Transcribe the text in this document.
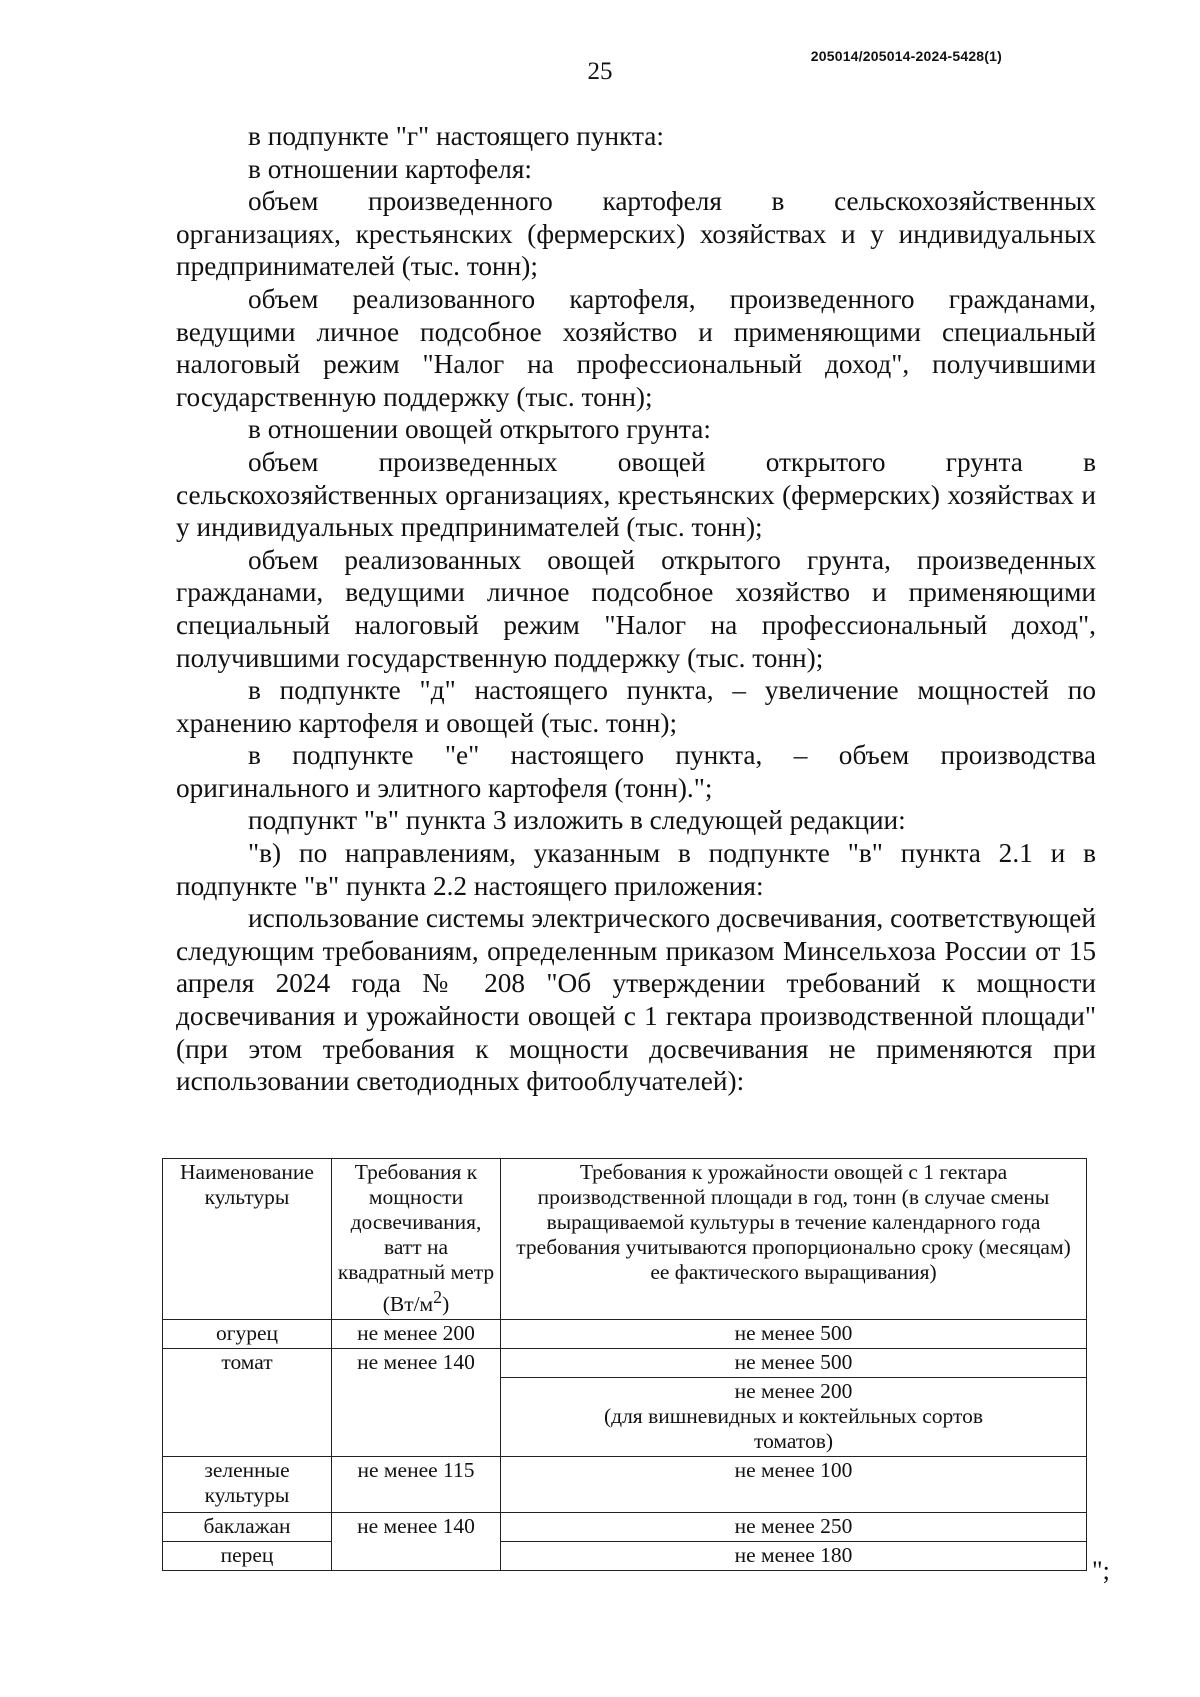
205014/205014-2024-5428(1)
25

в подпункте "г" настоящего пункта:

в отношении картофеля:

объем произведенного картофеля в сельскохозяйственных организациях, крестьянских (фермерских) хозяйствах и у индивидуальных предпринимателей (тыс. тонн);

объем реализованного картофеля, произведенного гражданами, ведущими личное подсобное хозяйство и применяющими специальный налоговый режим "Налог на профессиональный доход", получившими государственную поддержку (тыс. тонн);

в отношении овощей открытого грунта:

объем произведенных овощей открытого грунта в сельскохозяйственных организациях, крестьянских (фермерских) хозяйствах и у индивидуальных предпринимателей (тыс. тонн);

объем реализованных овощей открытого грунта, произведенных гражданами, ведущими личное подсобное хозяйство и применяющими специальный налоговый режим "Налог на профессиональный доход", получившими государственную поддержку (тыс. тонн);

в подпункте "д" настоящего пункта, – увеличение мощностей по хранению картофеля и овощей (тыс. тонн);

в подпункте "е" настоящего пункта, – объем производства оригинального и элитного картофеля (тонн).";

подпункт "в" пункта 3 изложить в следующей редакции:

"в) по направлениям, указанным в подпункте "в" пункта 2.1 и в подпункте "в" пункта 2.2 настоящего приложения:

использование системы электрического досвечивания, соответствующей следующим требованиям, определенным приказом Минсельхоза России от 15 апреля 2024 года № 208 "Об утверждении требований к мощности досвечивания и урожайности овощей с 1 гектара производственной площади" (при этом требования к мощности досвечивания не применяются при использовании светодиодных фитооблучателей):

Наименование культуры	Требования к мощности досвечивания, ватт на квадратный метр $(Вт/м^2)$	Требования к урожайности овощей с 1 гектара производственной площади в год, тонн (в случае смены выращиваемой культуры в течение календарного года требования учитываются пропорционально сроку (месяцам) ее фактического выращивания)
огурец	не менее 200	не менее 500
томат	не менее 140	не менее 500

		не менее 200
(для вишневидных и коктейльных сортов томатов)

зеленные культуры	не менее 115	не менее 100
баклажан	не менее 140	не менее 250
перец		не менее 180
";
